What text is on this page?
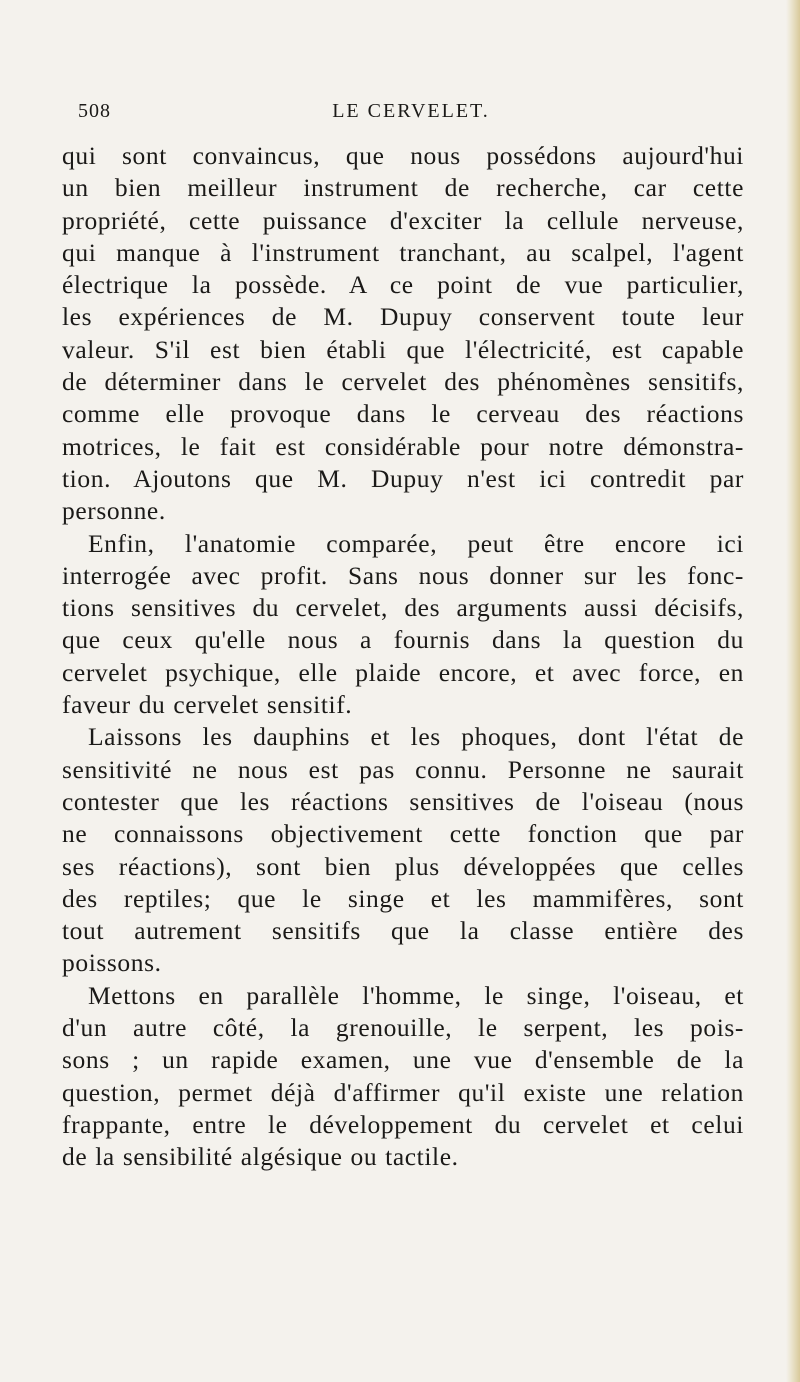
508	LE CERVELET.
qui sont convaincus, que nous possédons aujourd'hui
un bien meilleur instrument de recherche, car cette
propriété, cette puissance d'exciter la cellule nerveuse,
qui manque à l'instrument tranchant, au scalpel, l'agent
électrique la possède. A ce point de vue particulier,
les expériences de M. Dupuy conservent toute leur
valeur. S'il est bien établi que l'électricité, est capable
de déterminer dans le cervelet des phénomènes sensitifs,
comme elle provoque dans le cerveau des réactions
motrices, le fait est considérable pour notre démonstra-
tion. Ajoutons que M. Dupuy n'est ici contredit par
personne.
Enfin, l'anatomie comparée, peut être encore ici
interrogée avec profit. Sans nous donner sur les fonc-
tions sensitives du cervelet, des arguments aussi décisifs,
que ceux qu'elle nous a fournis dans la question du
cervelet psychique, elle plaide encore, et avec force, en
faveur du cervelet sensitif.
Laissons les dauphins et les phoques, dont l'état de
sensitivité ne nous est pas connu. Personne ne saurait
contester que les réactions sensitives de l'oiseau (nous
ne connaissons objectivement cette fonction que par
ses réactions), sont bien plus développées que celles
des reptiles; que le singe et les mammifères, sont
tout autrement sensitifs que la classe entière des
poissons.
Mettons en parallèle l'homme, le singe, l'oiseau, et
d'un autre côté, la grenouille, le serpent, les pois-
sons ; un rapide examen, une vue d'ensemble de la
question, permet déjà d'affirmer qu'il existe une relation
frappante, entre le développement du cervelet et celui
de la sensibilité algésique ou tactile.
